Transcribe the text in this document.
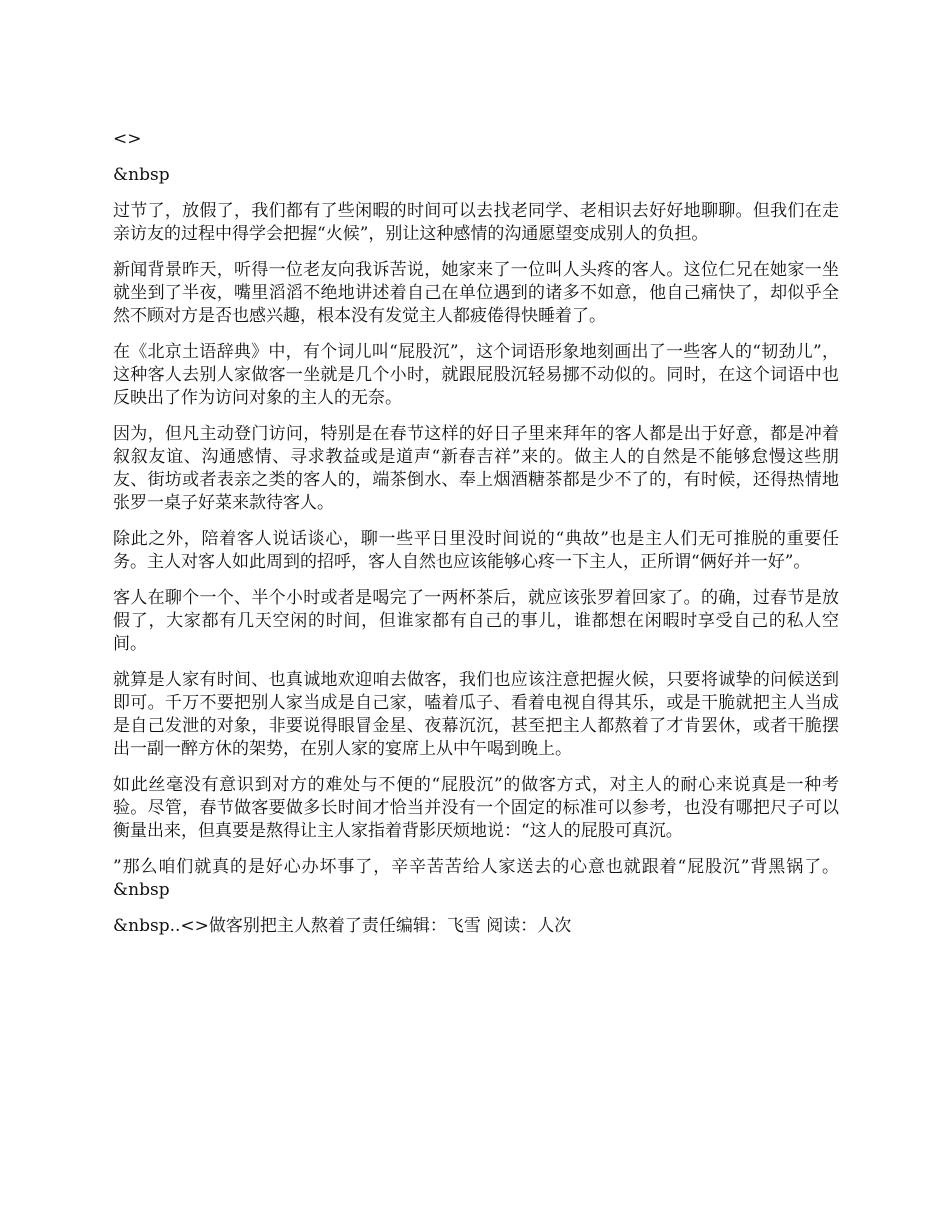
<>

&nbsp

过节了，放假了，我们都有了些闲暇的时间可以去找老同学、老相识去好好地聊聊。但我们在走亲访友的过程中得学会把握“火候”，别让这种感情的沟通愿望变成别人的负担。

新闻背景昨天，听得一位老友向我诉苦说，她家来了一位叫人头疼的客人。这位仁兄在她家一坐就坐到了半夜，嘴里滔滔不绝地讲述着自己在单位遇到的诸多不如意，他自己痛快了，却似乎全然不顾对方是否也感兴趣，根本没有发觉主人都疲倦得快睡着了。

在《北京土语辞典》中，有个词儿叫“屁股沉”，这个词语形象地刻画出了一些客人的“韧劲儿”，这种客人去别人家做客一坐就是几个小时，就跟屁股沉轻易挪不动似的。同时，在这个词语中也反映出了作为访问对象的主人的无奈。

因为，但凡主动登门访问，特别是在春节这样的好日子里来拜年的客人都是出于好意，都是冲着叙叙友谊、沟通感情、寻求教益或是道声“新春吉祥”来的。做主人的自然是不能够怠慢这些朋友、街坊或者表亲之类的客人的，端茶倒水、奉上烟酒糖茶都是少不了的，有时候，还得热情地张罗一桌子好菜来款待客人。

除此之外，陪着客人说话谈心，聊一些平日里没时间说的“典故”也是主人们无可推脱的重要任务。主人对客人如此周到的招呼，客人自然也应该能够心疼一下主人，正所谓“俩好并一好”。

客人在聊个一个、半个小时或者是喝完了一两杯茶后，就应该张罗着回家了。的确，过春节是放假了，大家都有几天空闲的时间，但谁家都有自己的事儿，谁都想在闲暇时享受自己的私人空间。

就算是人家有时间、也真诚地欢迎咱去做客，我们也应该注意把握火候，只要将诚挚的问候送到即可。千万不要把别人家当成是自己家，嗑着瓜子、看着电视自得其乐，或是干脆就把主人当成是自己发泄的对象，非要说得眼冒金星、夜幕沉沉，甚至把主人都熬着了才肯罢休，或者干脆摆出一副一醉方休的架势，在别人家的宴席上从中午喝到晚上。

如此丝毫没有意识到对方的难处与不便的“屁股沉”的做客方式，对主人的耐心来说真是一种考验。尽管，春节做客要做多长时间才恰当并没有一个固定的标准可以参考，也没有哪把尺子可以衡量出来，但真要是熬得让主人家指着背影厌烦地说：“这人的屁股可真沉。

”那么咱们就真的是好心办坏事了，辛辛苦苦给人家送去的心意也就跟着“屁股沉”背黑锅了。&nbsp

&nbsp..<>做客别把主人熬着了责任编辑：飞雪 阅读：人次
